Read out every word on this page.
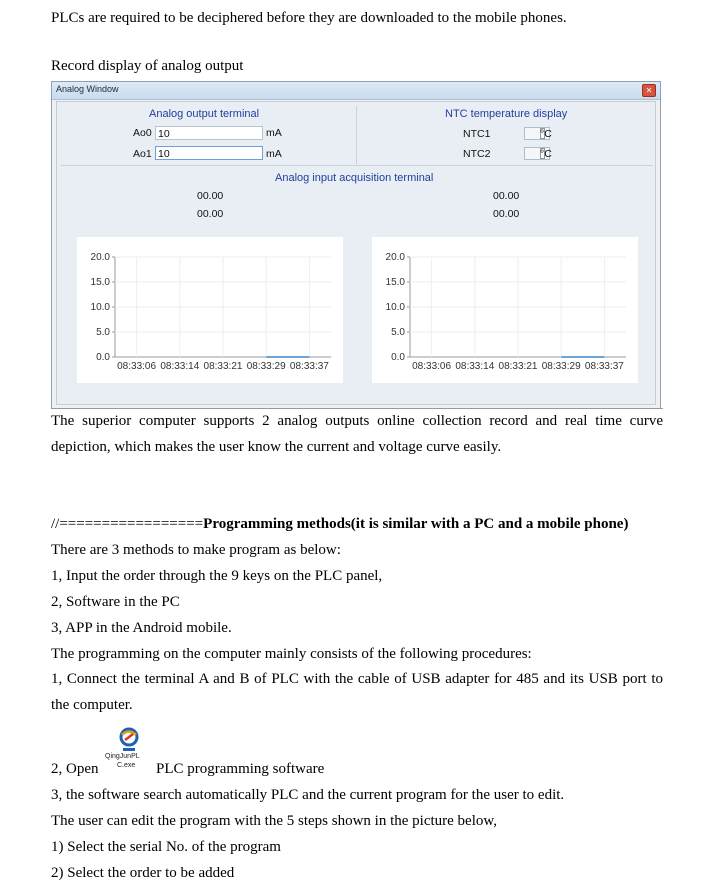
PLCs are required to be deciphered before they are downloaded to the mobile phones.

Record display of analog output

Analog Window	✕
Analog output terminal
Ao0 10	mA
Ao1 10	mA
NTC temperature display
NTC1	°C
NTC2	°C
Analog input acquisition terminal
00.00
00.00
00.00
00.00
20.0
15.0
10.0
5.0
0.0
08:33:06 08:33:14 08:33:21 08:33:29 08:33:37
20.0
15.0
10.0
5.0
0.0
08:33:06 08:33:14 08:33:21 08:33:29 08:33:37

The superior computer supports 2 analog outputs online collection record and real time curve depiction, which makes the user know the current and voltage curve easily.

//=================Programming methods(it is similar with a PC and a mobile phone)

There are 3 methods to make program as below:

1, Input the order through the 9 keys on the PLC panel,

2, Software in the PC

3, APP in the Android mobile.

The programming on the computer mainly consists of the following procedures:

1, Connect the terminal A and B of PLC with the cable of USB adapter for 485 and its USB port to the computer.

QingJunPL
C.exe

2, Open	PLC programming software

3, the software search automatically PLC and the current program for the user to edit.

The user can edit the program with the 5 steps shown in the picture below,

1) Select the serial No. of the program

2) Select the order to be added
